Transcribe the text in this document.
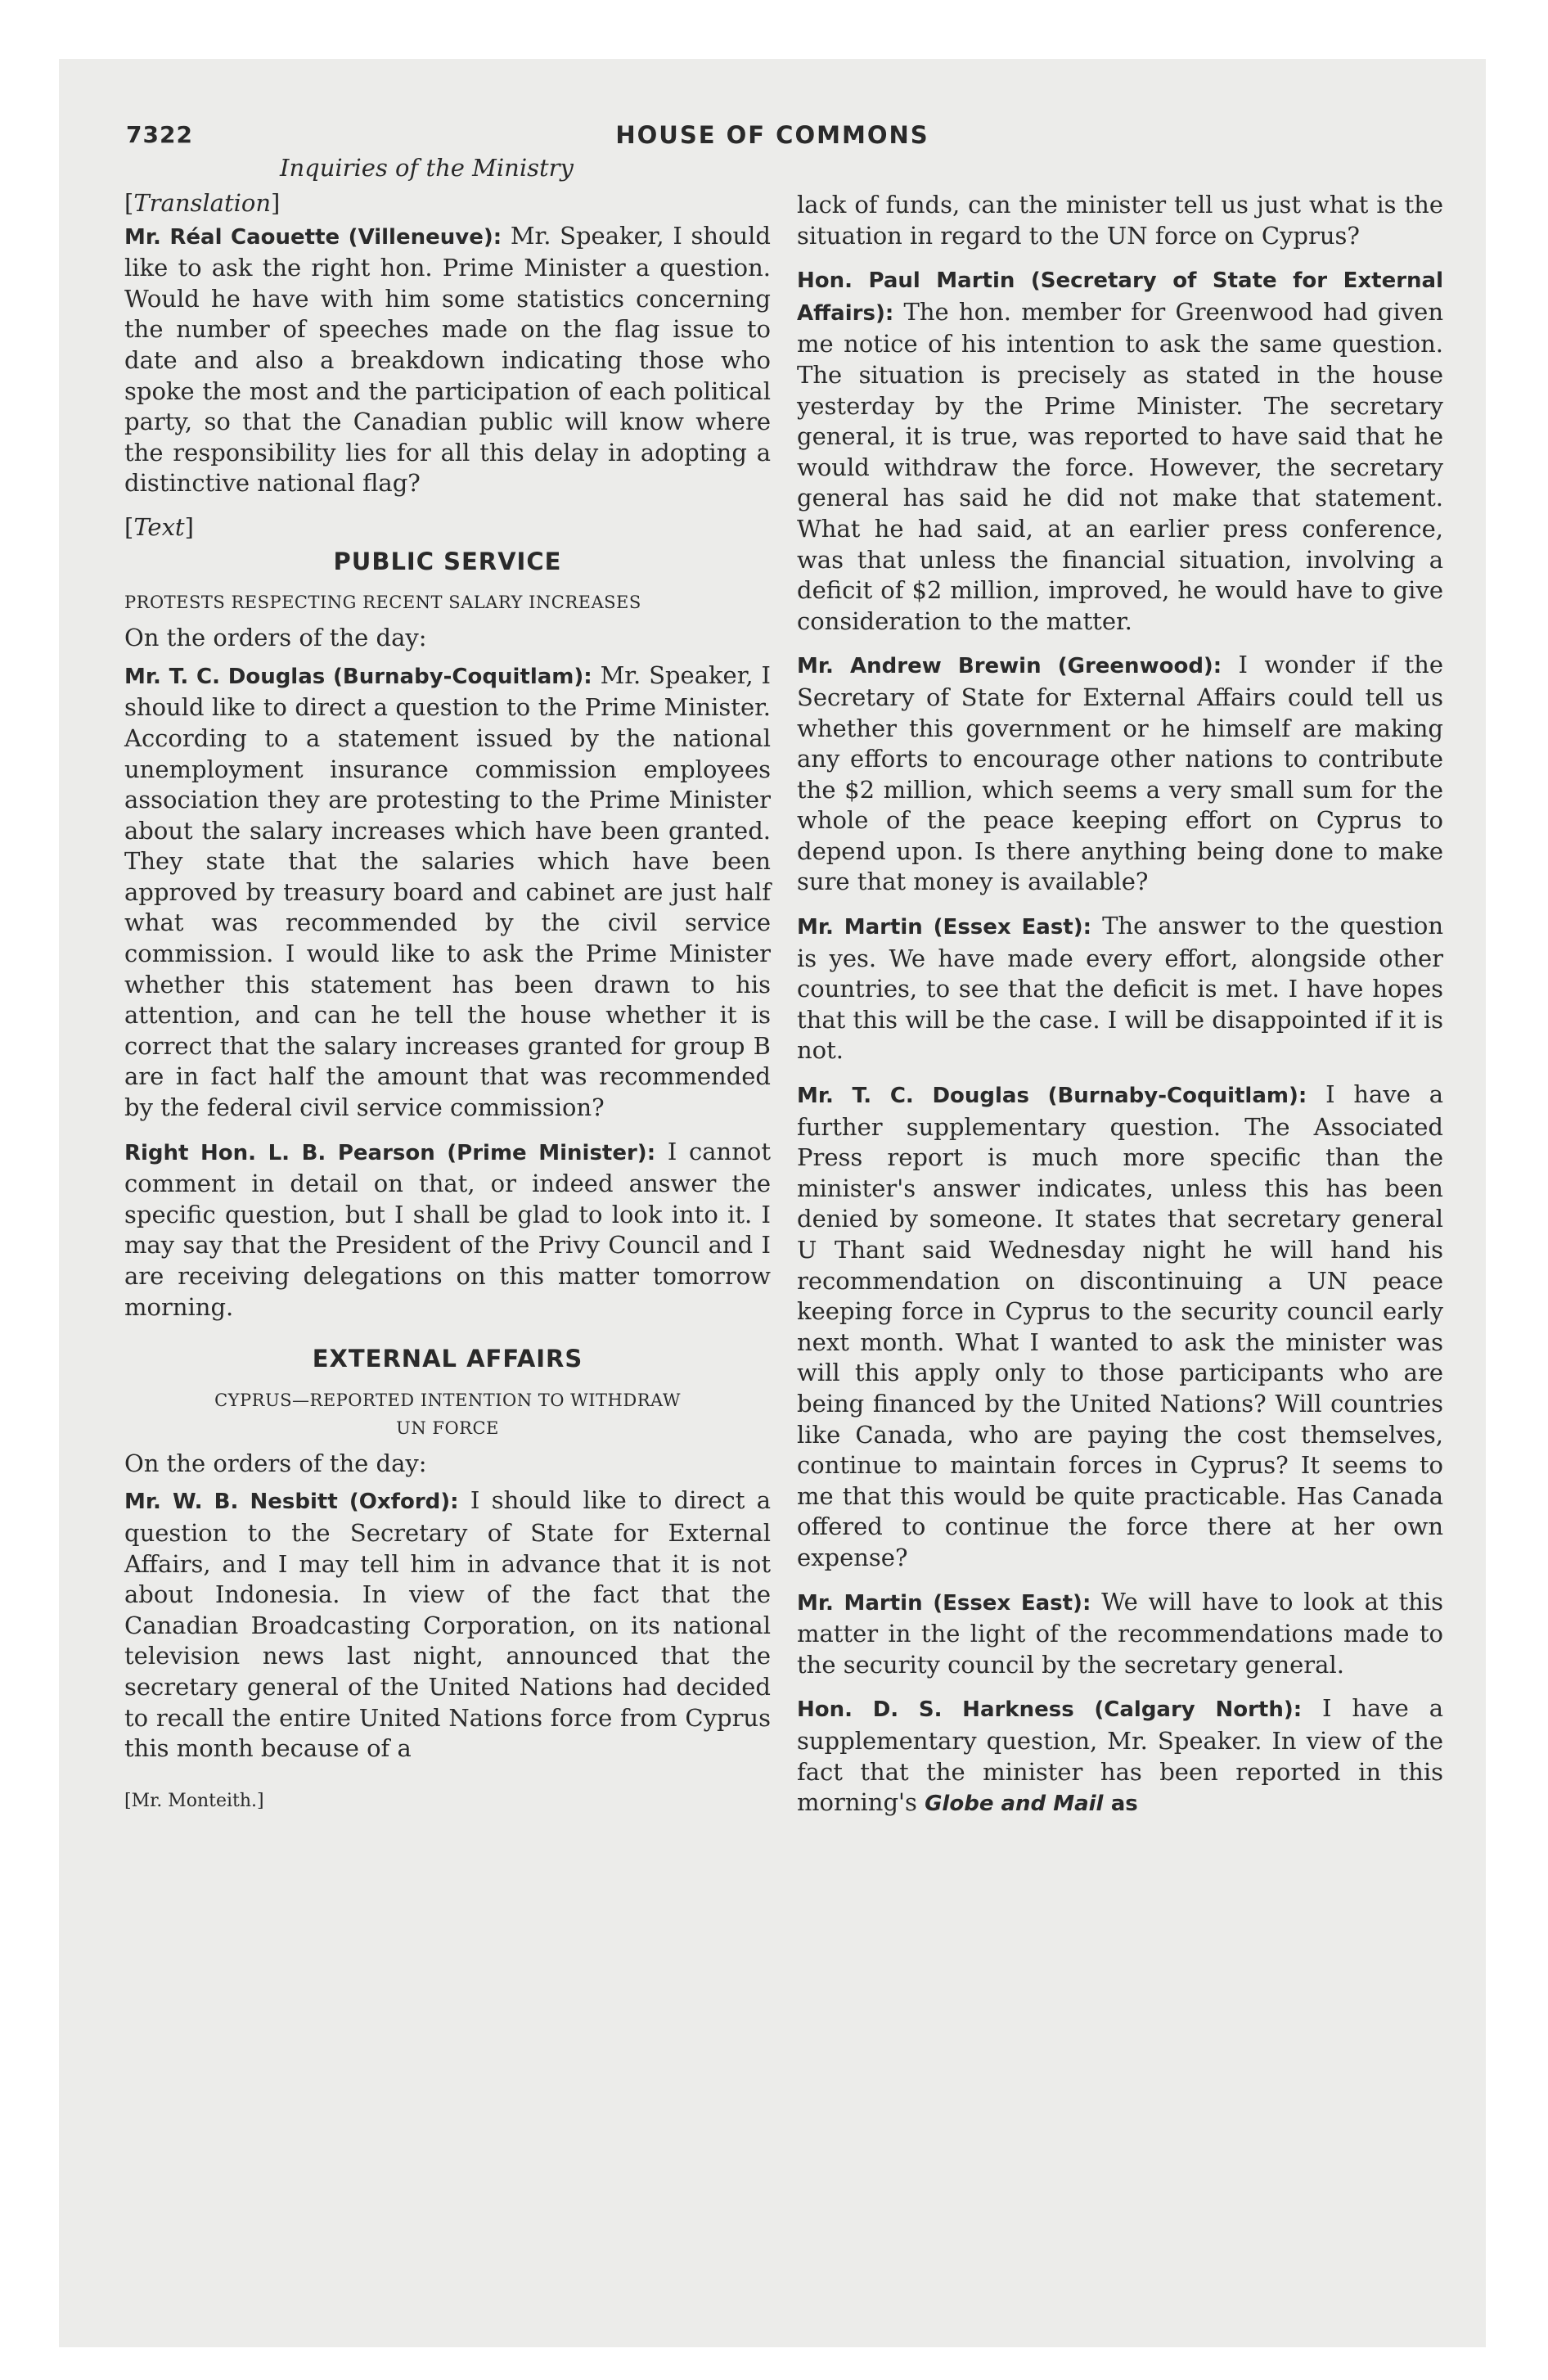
7322	HOUSE OF COMMONS
Inquiries of the Ministry
[Translation]

Mr. Réal Caouette (Villeneuve): Mr. Speaker, I should like to ask the right hon. Prime Minister a question. Would he have with him some statistics concerning the number of speeches made on the flag issue to date and also a breakdown indicating those who spoke the most and the participation of each political party, so that the Canadian public will know where the responsibility lies for all this delay in adopting a distinctive national flag?

[Text]
PUBLIC SERVICE
PROTESTS RESPECTING RECENT SALARY INCREASES

On the orders of the day:

Mr. T. C. Douglas (Burnaby-Coquitlam): Mr. Speaker, I should like to direct a question to the Prime Minister. According to a statement issued by the national unemployment insurance commission employees association they are protesting to the Prime Minister about the salary increases which have been granted. They state that the salaries which have been approved by treasury board and cabinet are just half what was recommended by the civil service commission. I would like to ask the Prime Minister whether this statement has been drawn to his attention, and can he tell the house whether it is correct that the salary increases granted for group B are in fact half the amount that was recommended by the federal civil service commission?

Right Hon. L. B. Pearson (Prime Minister): I cannot comment in detail on that, or indeed answer the specific question, but I shall be glad to look into it. I may say that the President of the Privy Council and I are receiving delegations on this matter tomorrow morning.

EXTERNAL AFFAIRS
CYPRUS—REPORTED INTENTION TO WITHDRAW UN FORCE

On the orders of the day:

Mr. W. B. Nesbitt (Oxford): I should like to direct a question to the Secretary of State for External Affairs, and I may tell him in advance that it is not about Indonesia. In view of the fact that the Canadian Broadcasting Corporation, on its national television news last night, announced that the secretary general of the United Nations had decided to recall the entire United Nations force from Cyprus this month because of a

[Mr. Monteith.]

lack of funds, can the minister tell us just what is the situation in regard to the UN force on Cyprus?

Hon. Paul Martin (Secretary of State for External Affairs): The hon. member for Greenwood had given me notice of his intention to ask the same question. The situation is precisely as stated in the house yesterday by the Prime Minister. The secretary general, it is true, was reported to have said that he would withdraw the force. However, the secretary general has said he did not make that statement. What he had said, at an earlier press conference, was that unless the financial situation, involving a deficit of $2 million, improved, he would have to give consideration to the matter.

Mr. Andrew Brewin (Greenwood): I wonder if the Secretary of State for External Affairs could tell us whether this government or he himself are making any efforts to encourage other nations to contribute the $2 million, which seems a very small sum for the whole of the peace keeping effort on Cyprus to depend upon. Is there anything being done to make sure that money is available?

Mr. Martin (Essex East): The answer to the question is yes. We have made every effort, alongside other countries, to see that the deficit is met. I have hopes that this will be the case. I will be disappointed if it is not.

Mr. T. C. Douglas (Burnaby-Coquitlam): I have a further supplementary question. The Associated Press report is much more specific than the minister's answer indicates, unless this has been denied by someone. It states that secretary general U Thant said Wednesday night he will hand his recommendation on discontinuing a UN peace keeping force in Cyprus to the security council early next month. What I wanted to ask the minister was will this apply only to those participants who are being financed by the United Nations? Will countries like Canada, who are paying the cost themselves, continue to maintain forces in Cyprus? It seems to me that this would be quite practicable. Has Canada offered to continue the force there at her own expense?

Mr. Martin (Essex East): We will have to look at this matter in the light of the recommendations made to the security council by the secretary general.

Hon. D. S. Harkness (Calgary North): I have a supplementary question, Mr. Speaker. In view of the fact that the minister has been reported in this morning's Globe and Mail as
